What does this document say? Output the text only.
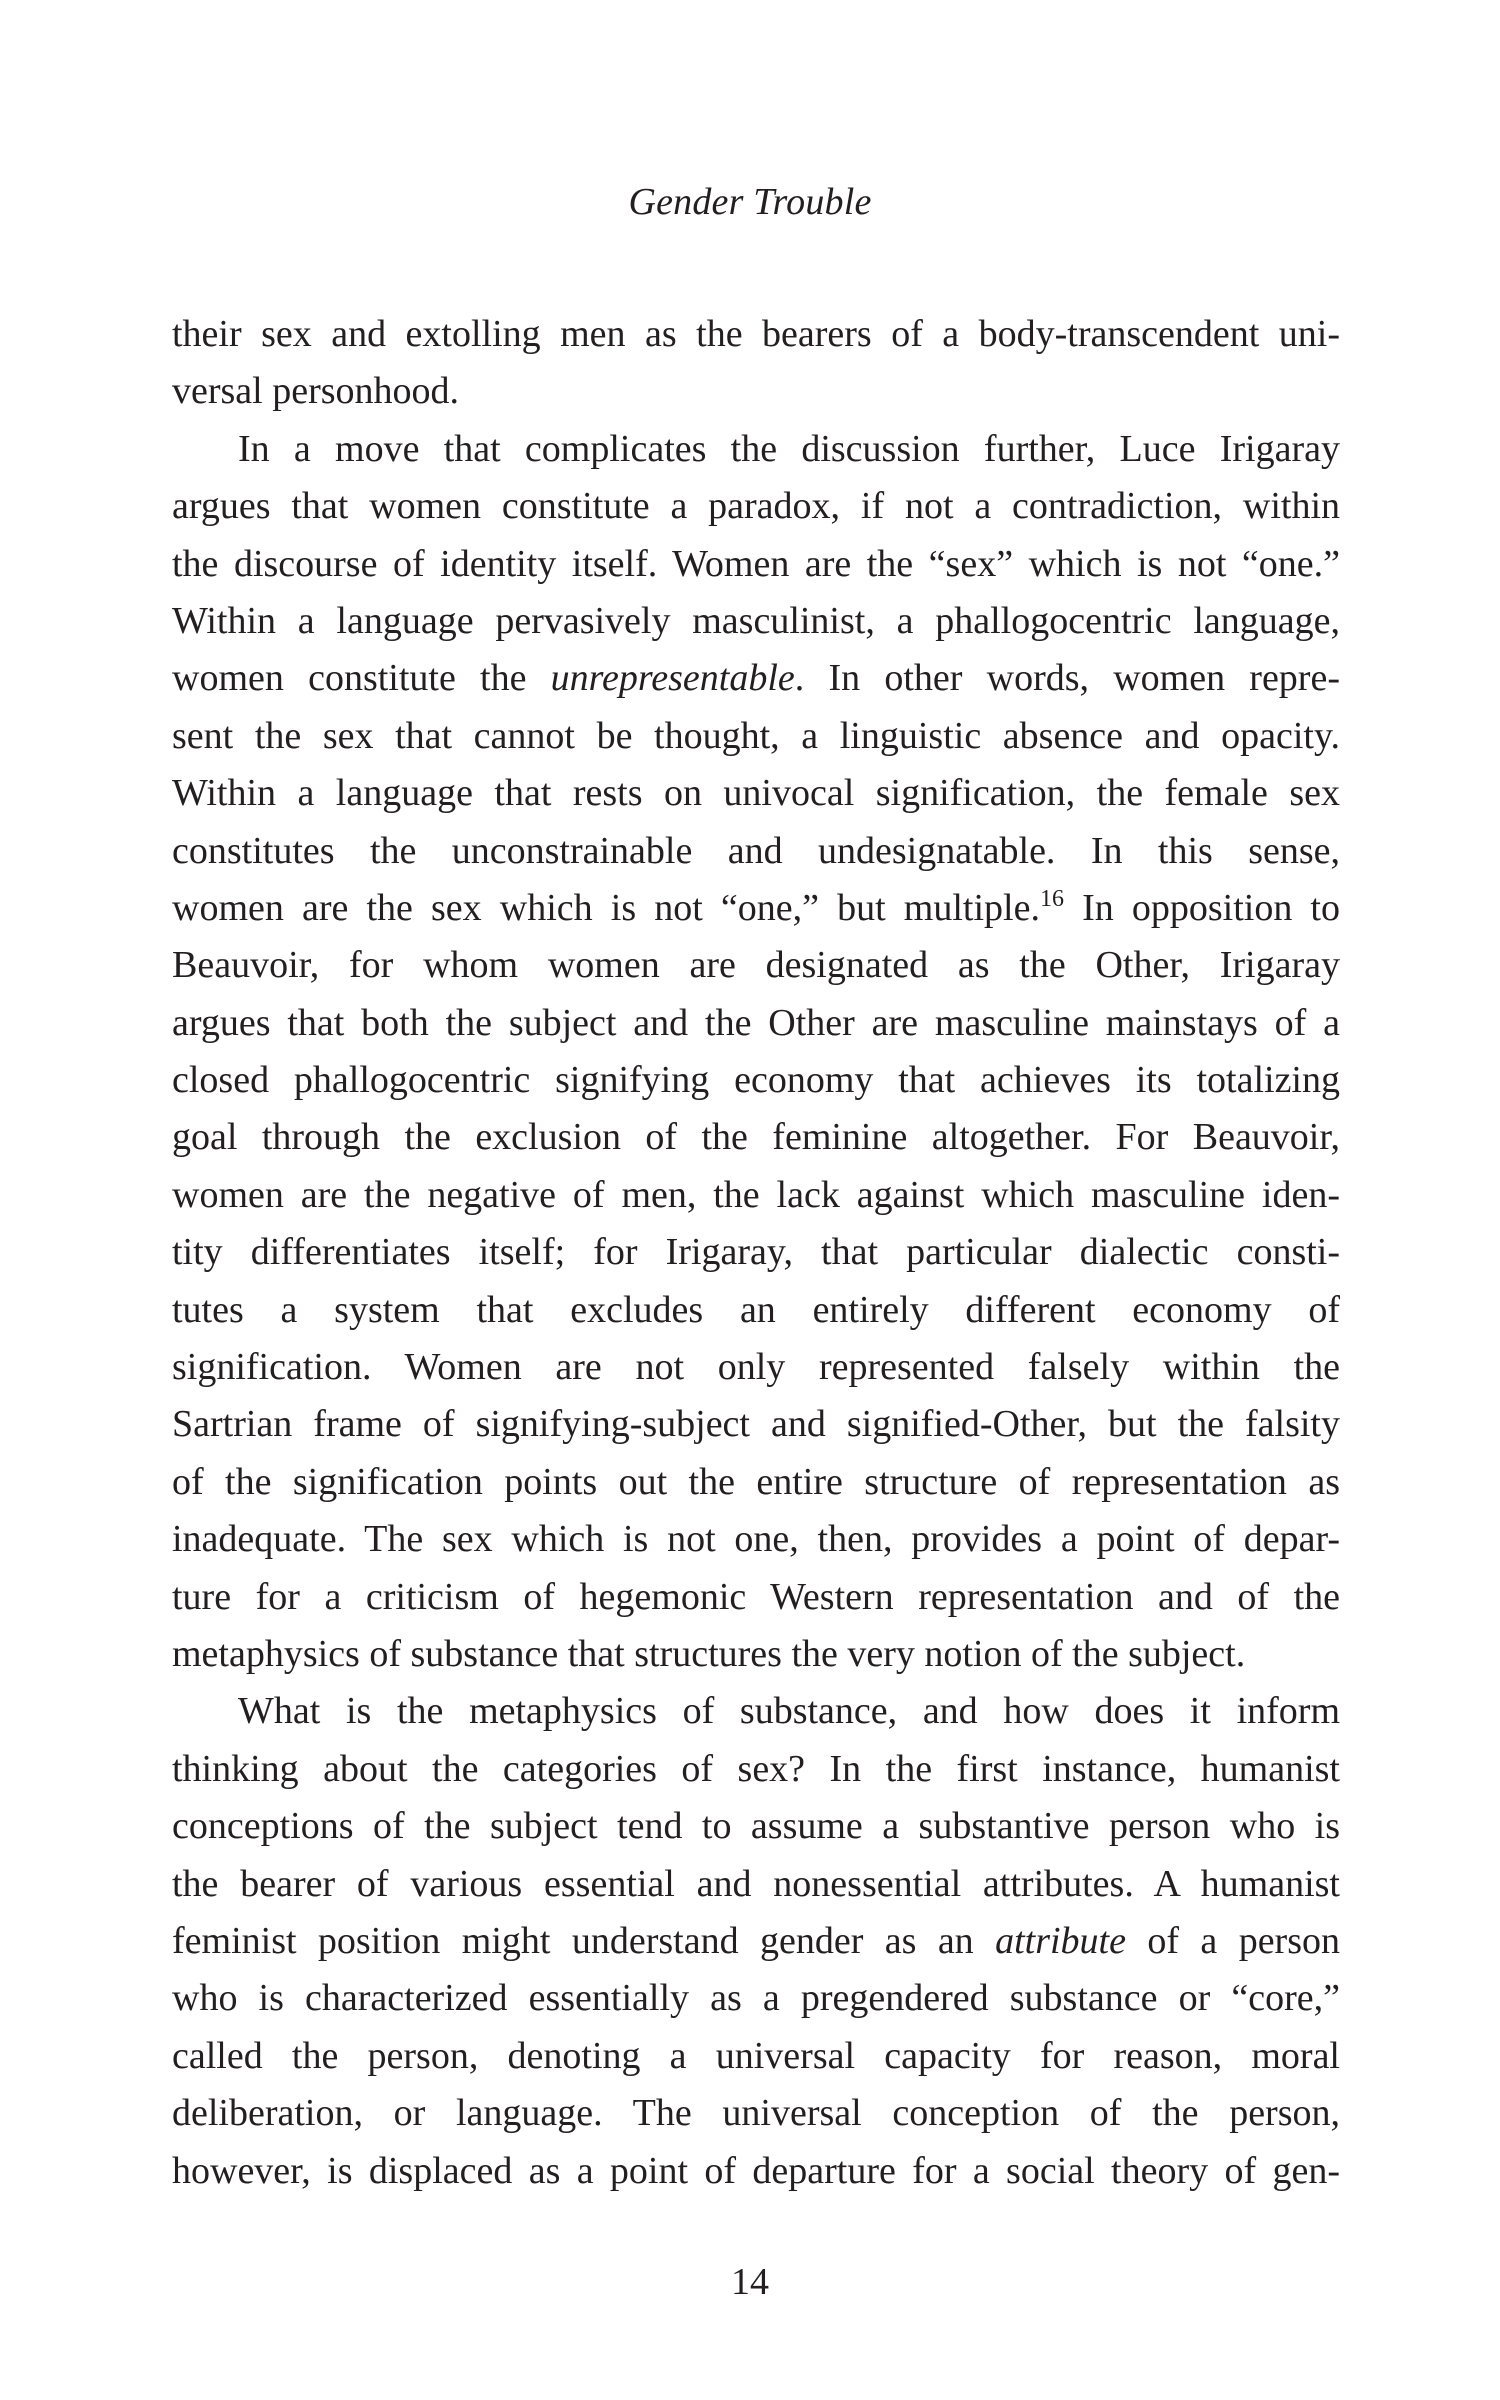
Gender Trouble
their sex and extolling men as the bearers of a body-transcendent uni-
versal personhood.
In a move that complicates the discussion further, Luce Irigaray
argues that women constitute a paradox, if not a contradiction, within
the discourse of identity itself. Women are the “sex” which is not “one.”
Within a language pervasively masculinist, a phallogocentric language,
women constitute the unrepresentable. In other words, women repre-
sent the sex that cannot be thought, a linguistic absence and opacity.
Within a language that rests on univocal signification, the female sex
constitutes the unconstrainable and undesignatable. In this sense,
women are the sex which is not “one,” but multiple.$^{16}$ In opposition to
Beauvoir, for whom women are designated as the Other, Irigaray
argues that both the subject and the Other are masculine mainstays of a
closed phallogocentric signifying economy that achieves its totalizing
goal through the exclusion of the feminine altogether. For Beauvoir,
women are the negative of men, the lack against which masculine iden-
tity differentiates itself; for Irigaray, that particular dialectic consti-
tutes a system that excludes an entirely different economy of
signification. Women are not only represented falsely within the
Sartrian frame of signifying-subject and signified-Other, but the falsity
of the signification points out the entire structure of representation as
inadequate. The sex which is not one, then, provides a point of depar-
ture for a criticism of hegemonic Western representation and of the
metaphysics of substance that structures the very notion of the subject.
What is the metaphysics of substance, and how does it inform
thinking about the categories of sex? In the first instance, humanist
conceptions of the subject tend to assume a substantive person who is
the bearer of various essential and nonessential attributes. A humanist
feminist position might understand gender as an attribute of a person
who is characterized essentially as a pregendered substance or “core,”
called the person, denoting a universal capacity for reason, moral
deliberation, or language. The universal conception of the person,
however, is displaced as a point of departure for a social theory of gen-
14
